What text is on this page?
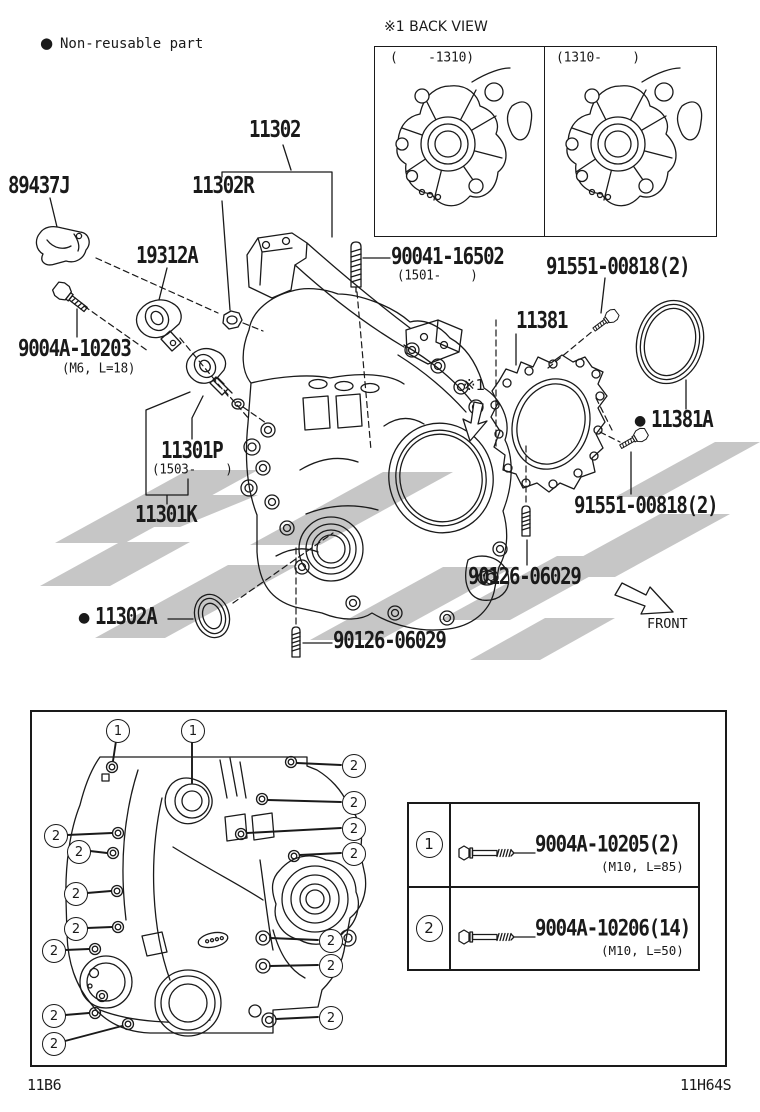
● Non-reusable part
※1 BACK VIEW
(    -1310)	(1310-    )
11302
11302R
89437J
19312A
9004A-10203
(M6, L=18)
11301P
(1503-    )
11301K
● 11302A
90126-06029
90041-16502
(1501-    )	91551-00818(2)
11381
● 11381A
91551-00818(2)
90126-06029
※1
FRONT
1	1
2
2
2
2
2
2
2
2
2
2
2
2
2
2
1	9004A-10205(2)
(M10, L=85)
2	9004A-10206(14)
(M10, L=50)
11B6	11H64S
